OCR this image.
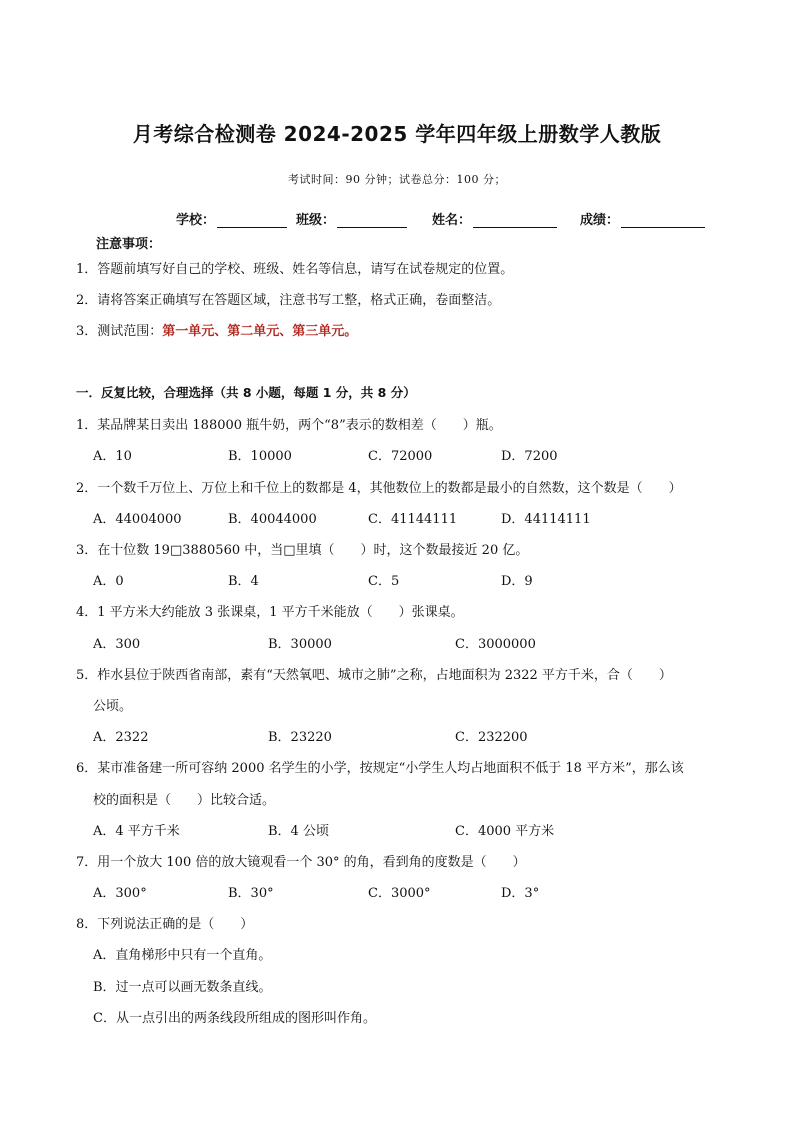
月考综合检测卷 2024-2025 学年四年级上册数学人教版
考试时间：90 分钟；试卷总分：100 分；
学校：	班级：	姓名：	成绩：
注意事项：
1．答题前填写好自己的学校、班级、姓名等信息，请写在试卷规定的位置。
2．请将答案正确填写在答题区域，注意书写工整，格式正确，卷面整洁。
3．测试范围：第一单元、第二单元、第三单元。
一．反复比较，合理选择（共 8 小题，每题 1 分，共 8 分）
1．某品牌某日卖出 188000 瓶牛奶，两个“8”表示的数相差（　　）瓶。
A．10	B．10000	C．72000	D．7200
2．一个数千万位上、万位上和千位上的数都是 4，其他数位上的数都是最小的自然数，这个数是（　　）
A．44004000	B．40044000	C．41144111	D．44114111
3．在十位数 19□3880560 中，当□里填（　　）时，这个数最接近 20 亿。
A．0	B．4	C．5	D．9
4．1 平方米大约能放 3 张课桌，1 平方千米能放（　　）张课桌。
A．300	B．30000	C．3000000
5．柞水县位于陕西省南部，素有“天然氧吧、城市之肺”之称，占地面积为 2322 平方千米，合（　　）
公顷。
A．2322	B．23220	C．232200
6．某市准备建一所可容纳 2000 名学生的小学，按规定“小学生人均占地面积不低于 18 平方米”，那么该
校的面积是（　　）比较合适。
A．4 平方千米	B．4 公顷	C．4000 平方米
7．用一个放大 100 倍的放大镜观看一个 30° 的角，看到角的度数是（　　）
A．300°	B．30°	C．3000°	D．3°
8．下列说法正确的是（　　）
A．直角梯形中只有一个直角。
B．过一点可以画无数条直线。
C．从一点引出的两条线段所组成的图形叫作角。
